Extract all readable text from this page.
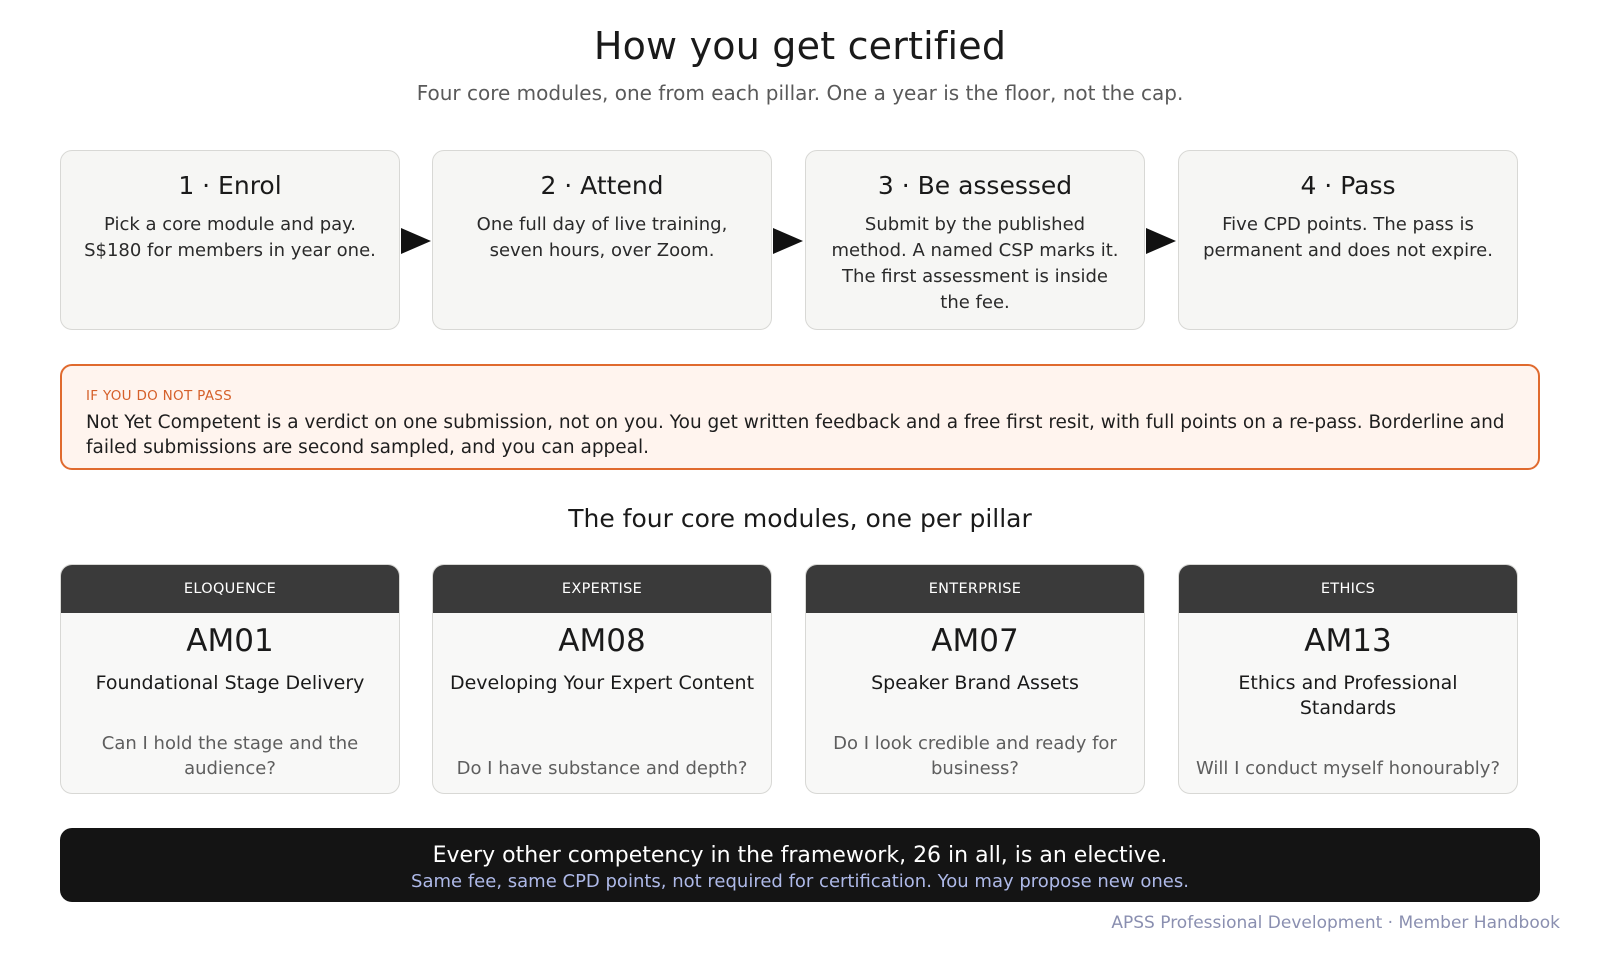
How you get certified
Four core modules, one from each pillar. One a year is the floor, not the cap.
1 · Enrol
Pick a core module and pay. S$180 for members in year one.
2 · Attend
One full day of live training, seven hours, over Zoom.
3 · Be assessed
Submit by the published method. A named CSP marks it. The first assessment is inside the fee.
4 · Pass
Five CPD points. The pass is permanent and does not expire.
IF YOU DO NOT PASS
Not Yet Competent is a verdict on one submission, not on you. You get written feedback and a free first resit, with full points on a re-pass. Borderline and failed submissions are second sampled, and you can appeal.
The four core modules, one per pillar
ELOQUENCE
AM01
Foundational Stage Delivery
Can I hold the stage and the audience?
EXPERTISE
AM08
Developing Your Expert Content
Do I have substance and depth?
ENTERPRISE
AM07
Speaker Brand Assets
Do I look credible and ready for business?
ETHICS
AM13
Ethics and Professional Standards
Will I conduct myself honourably?
Every other competency in the framework, 26 in all, is an elective.
Same fee, same CPD points, not required for certification. You may propose new ones.
APSS Professional Development · Member Handbook
